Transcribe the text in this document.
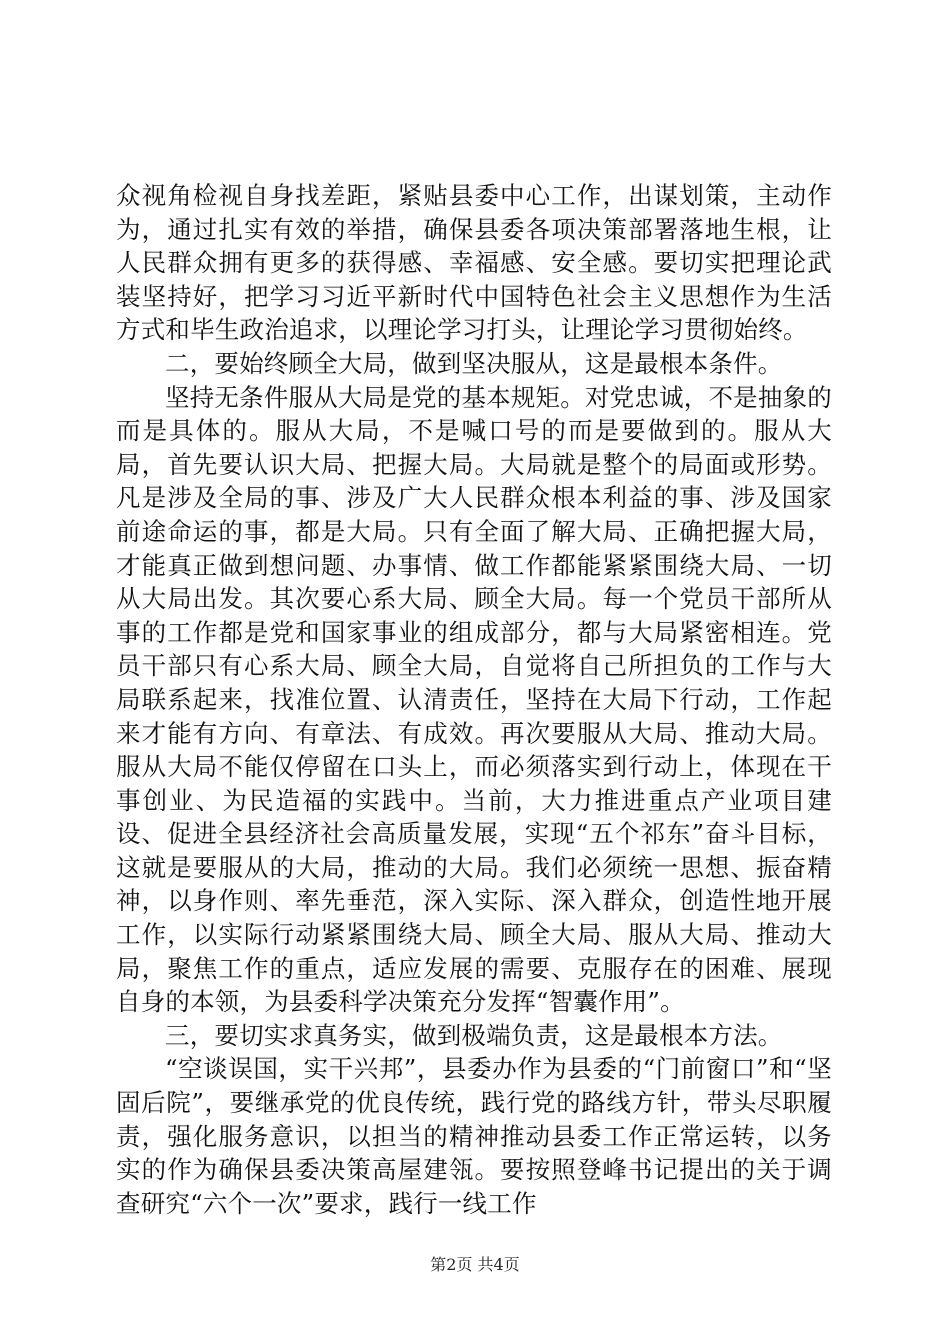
众视角检视自身找差距，紧贴县委中心工作，出谋划策，主动作为，通过扎实有效的举措，确保县委各项决策部署落地生根，让人民群众拥有更多的获得感、幸福感、安全感。要切实把理论武装坚持好，把学习习近平新时代中国特色社会主义思想作为生活方式和毕生政治追求，以理论学习打头，让理论学习贯彻始终。

二，要始终顾全大局，做到坚决服从，这是最根本条件。

坚持无条件服从大局是党的基本规矩。对党忠诚，不是抽象的而是具体的。服从大局，不是喊口号的而是要做到的。服从大局，首先要认识大局、把握大局。大局就是整个的局面或形势。凡是涉及全局的事、涉及广大人民群众根本利益的事、涉及国家前途命运的事，都是大局。只有全面了解大局、正确把握大局，才能真正做到想问题、办事情、做工作都能紧紧围绕大局、一切从大局出发。其次要心系大局、顾全大局。每一个党员干部所从事的工作都是党和国家事业的组成部分，都与大局紧密相连。党员干部只有心系大局、顾全大局，自觉将自己所担负的工作与大局联系起来，找准位置、认清责任，坚持在大局下行动，工作起来才能有方向、有章法、有成效。再次要服从大局、推动大局。服从大局不能仅停留在口头上，而必须落实到行动上，体现在干事创业、为民造福的实践中。当前，大力推进重点产业项目建设、促进全县经济社会高质量发展，实现“五个祁东”奋斗目标，这就是要服从的大局，推动的大局。我们必须统一思想、振奋精神，以身作则、率先垂范，深入实际、深入群众，创造性地开展工作，以实际行动紧紧围绕大局、顾全大局、服从大局、推动大局，聚焦工作的重点，适应发展的需要、克服存在的困难、展现自身的本领，为县委科学决策充分发挥“智囊作用”。

三，要切实求真务实，做到极端负责，这是最根本方法。

“空谈误国，实干兴邦”，县委办作为县委的“门前窗口”和“坚固后院”，要继承党的优良传统，践行党的路线方针，带头尽职履责，强化服务意识，以担当的精神推动县委工作正常运转，以务实的作为确保县委决策高屋建瓴。要按照登峰书记提出的关于调查研究“六个一次”要求，践行一线工作

第2页 共4页
